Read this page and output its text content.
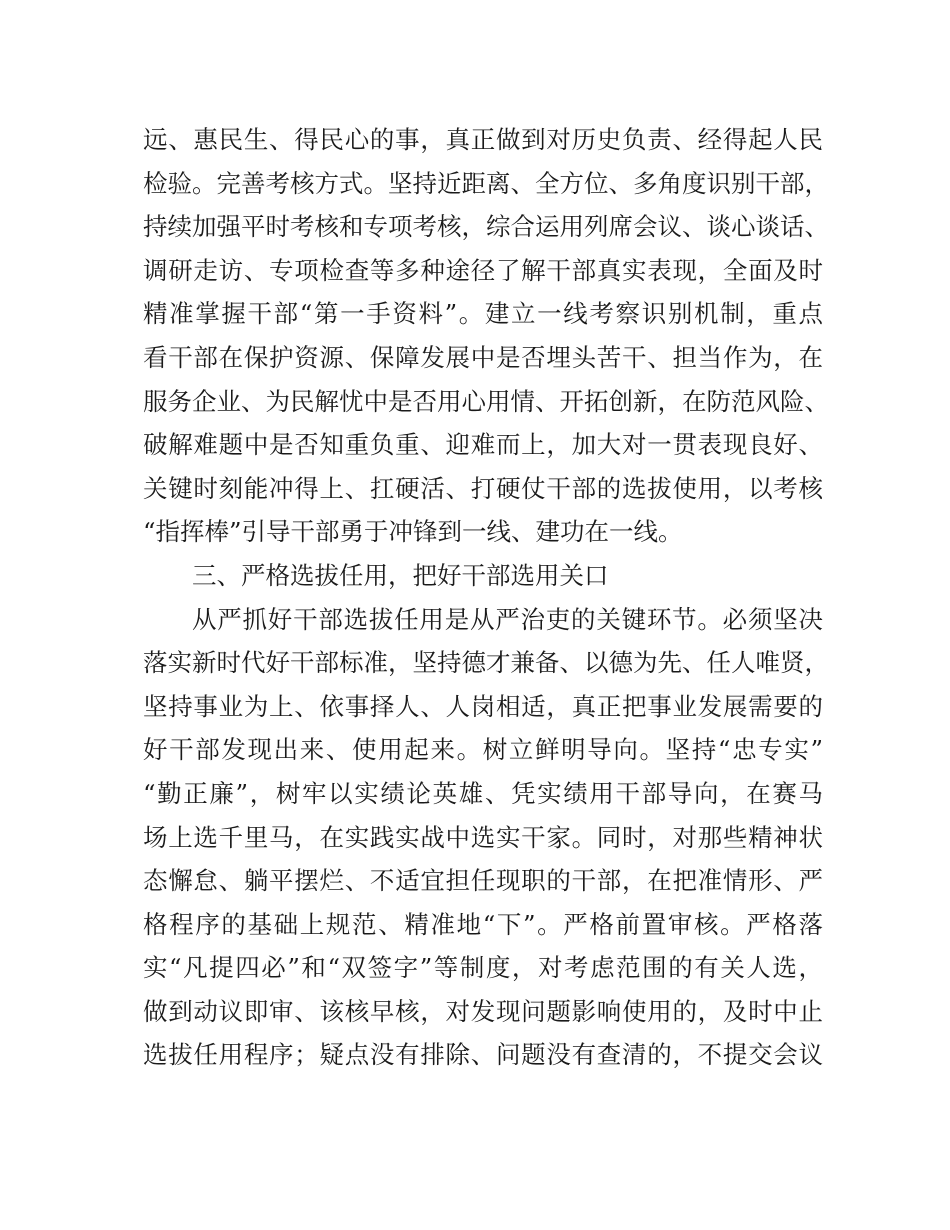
远、惠民生、得民心的事，真正做到对历史负责、经得起人民
检验。完善考核方式。坚持近距离、全方位、多角度识别干部，
持续加强平时考核和专项考核，综合运用列席会议、谈心谈话、
调研走访、专项检查等多种途径了解干部真实表现，全面及时
精准掌握干部“第一手资料”。建立一线考察识别机制，重点
看干部在保护资源、保障发展中是否埋头苦干、担当作为，在
服务企业、为民解忧中是否用心用情、开拓创新，在防范风险、
破解难题中是否知重负重、迎难而上，加大对一贯表现良好、
关键时刻能冲得上、扛硬活、打硬仗干部的选拔使用，以考核
“指挥棒”引导干部勇于冲锋到一线、建功在一线。
三、严格选拔任用，把好干部选用关口
从严抓好干部选拔任用是从严治吏的关键环节。必须坚决
落实新时代好干部标准，坚持德才兼备、以德为先、任人唯贤，
坚持事业为上、依事择人、人岗相适，真正把事业发展需要的
好干部发现出来、使用起来。树立鲜明导向。坚持“忠专实”
“勤正廉”，树牢以实绩论英雄、凭实绩用干部导向，在赛马
场上选千里马，在实践实战中选实干家。同时，对那些精神状
态懈怠、躺平摆烂、不适宜担任现职的干部，在把准情形、严
格程序的基础上规范、精准地“下”。严格前置审核。严格落
实“凡提四必”和“双签字”等制度，对考虑范围的有关人选，
做到动议即审、该核早核，对发现问题影响使用的，及时中止
选拔任用程序；疑点没有排除、问题没有查清的，不提交会议
